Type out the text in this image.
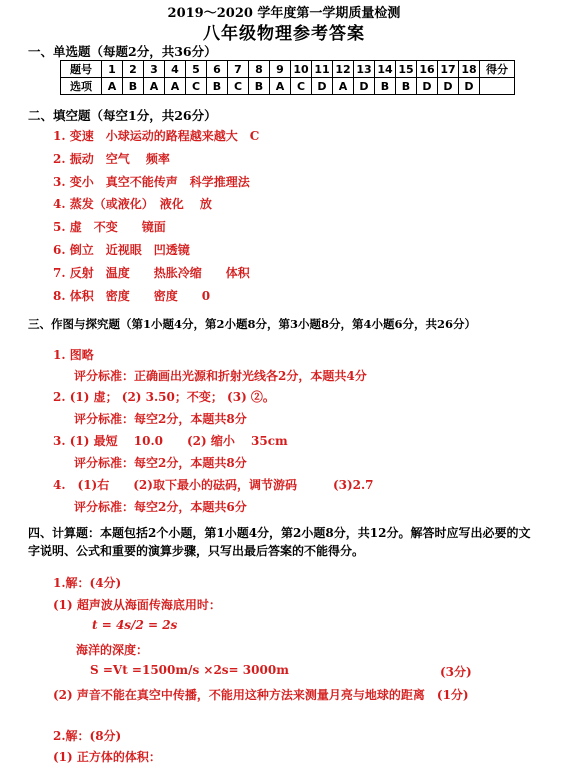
2019～2020 学年度第一学期质量检测
八年级物理参考答案
一、单选题（每题2分，共36分）
题号	1	2	3	4	5	6	7	8	9	10	11	12	13	14	15	16	17	18	得分
选项	A	B	A	A	C	B	C	B	A	C	D	A	D	B	B	D	D	D	
二、填空题（每空1分，共26分）
1. 变速　小球运动的路程越来越大　C
2. 振动　空气　 频率
3. 变小　真空不能传声　科学推理法
4. 蒸发（或液化）　液化　 放
5. 虚　不变　　镜面
6. 倒立　近视眼　凹透镜
7. 反射　温度　　热胀冷缩　　体积
8. 体积　密度　　密度　　0
三、作图与探究题（第1小题4分，第2小题8分，第3小题8分，第4小题6分，共26分）
1. 图略
评分标准：正确画出光源和折射光线各2分，本题共4分
2. (1) 虚； (2) 3.50；不变； (3) ②。
评分标准：每空2分，本题共8分
3. (1) 最短　 10.0　　(2) 缩小　 35cm
评分标准：每空2分，本题共8分
4.　(1)右　　(2)取下最小的砝码，调节游码　　　(3)2.7
评分标准：每空2分，本题共6分
四、计算题：本题包括2个小题，第1小题4分，第2小题8分，共12分。解答时应写出必要的文
字说明、公式和重要的演算步骤，只写出最后答案的不能得分。
1.解：(4分)
(1) 超声波从海面传海底用时：
t = 4s/2 = 2s
海洋的深度：
S =Vt =1500m/s ×2s= 3000m	(3分)
(2) 声音不能在真空中传播，不能用这种方法来测量月亮与地球的距离　(1分)
2.解：(8分)
(1) 正方体的体积：
